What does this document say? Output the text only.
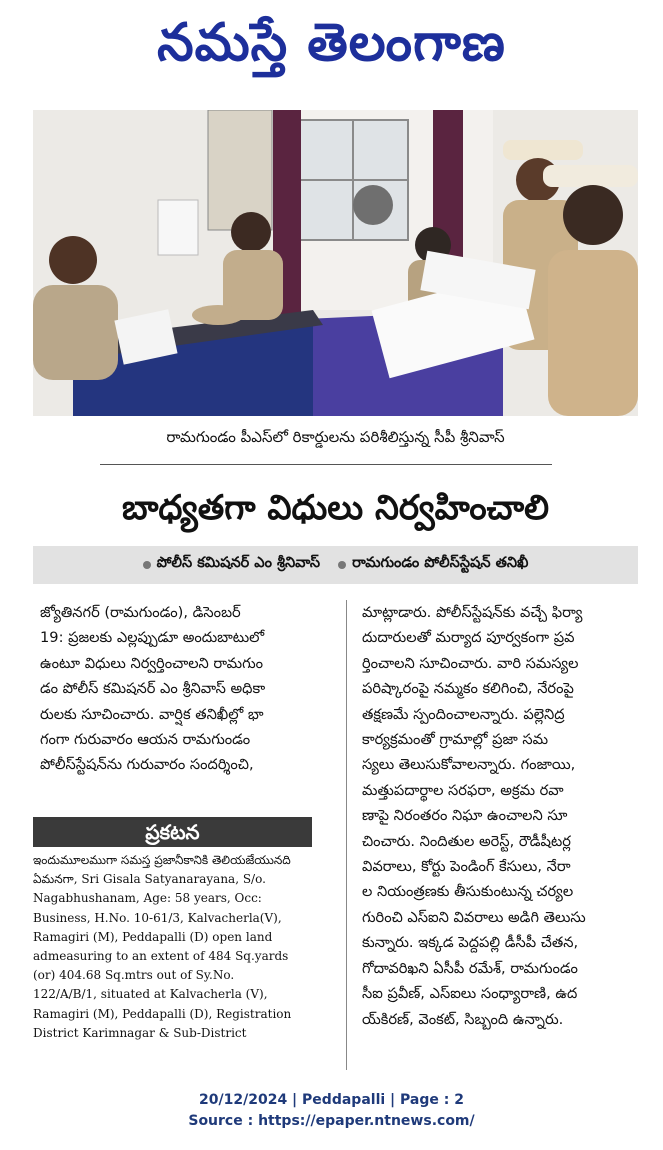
నమస్తే తెలంగాణ
రామగుండం పీఎస్‌లో రికార్డులను పరిశీలిస్తున్న సీపీ శ్రీనివాస్
బాధ్యతగా విధులు నిర్వహించాలి
పోలీస్ కమిషనర్ ఎం శ్రీనివాస్ రామగుండం పోలీస్‌స్టేషన్ తనిఖీ
జ్యోతినగర్ (రామగుండం), డిసెంబర్
19: ప్రజలకు ఎల్లప్పుడూ అందుబాటులో
ఉంటూ విధులు నిర్వర్తించాలని రామగుం
డం పోలీస్ కమిషనర్ ఎం శ్రీనివాస్ అధికా
రులకు సూచించారు. వార్షిక తనిఖీల్లో భా
గంగా గురువారం ఆయన రామగుండం
పోలీస్‌స్టేషన్‌ను గురువారం సందర్శించి,
మాట్లాడారు. పోలీస్‌స్టేషన్‌కు వచ్చే ఫిర్యా
దుదారులతో మర్యాద పూర్వకంగా ప్రవ
ర్తించాలని సూచించారు. వారి సమస్యల
పరిష్కారంపై నమ్మకం కలిగించి, నేరంపై
తక్షణమే స్పందించాలన్నారు. పల్లెనిద్ర
కార్యక్రమంతో గ్రామాల్లో ప్రజా సమ
స్యలు తెలుసుకోవాలన్నారు. గంజాయి,
మత్తుపదార్థాల సరఫరా, అక్రమ రవా
ణాపై నిరంతరం నిఘా ఉంచాలని సూ
చించారు. నిందితుల అరెస్ట్, రౌడీషీటర్ల
వివరాలు, కోర్టు పెండింగ్ కేసులు, నేరా
ల నియంత్రణకు తీసుకుంటున్న చర్యల
గురించి ఎస్ఐని వివరాలు అడిగి తెలుసు
కున్నారు. ఇక్కడ పెద్దపల్లి డీసీపీ చేతన,
గోదావరిఖని ఏసీపీ రమేశ్, రామగుండం
సీఐ ప్రవీణ్, ఎస్ఐలు సంధ్యారాణి, ఉద
య్‌కిరణ్, వెంకట్, సిబ్బంది ఉన్నారు.
ప్రకటన
ఇందుమూలముగా సమస్త ప్రజానీకానికి తెలియజేయునది
ఏమనగా, Sri Gisala Satyanarayana, S/o.
Nagabhushanam, Age: 58 years, Occ:
Business, H.No. 10-61/3, Kalvacherla(V),
Ramagiri (M), Peddapalli (D) open land
admeasuring to an extent of 484 Sq.yards
(or) 404.68 Sq.mtrs out of Sy.No.
122/A/B/1, situated at Kalvacherla (V),
Ramagiri (M), Peddapalli (D), Registration
District Karimnagar & Sub-District
20/12/2024 | Peddapalli | Page : 2
Source : https://epaper.ntnews.com/
